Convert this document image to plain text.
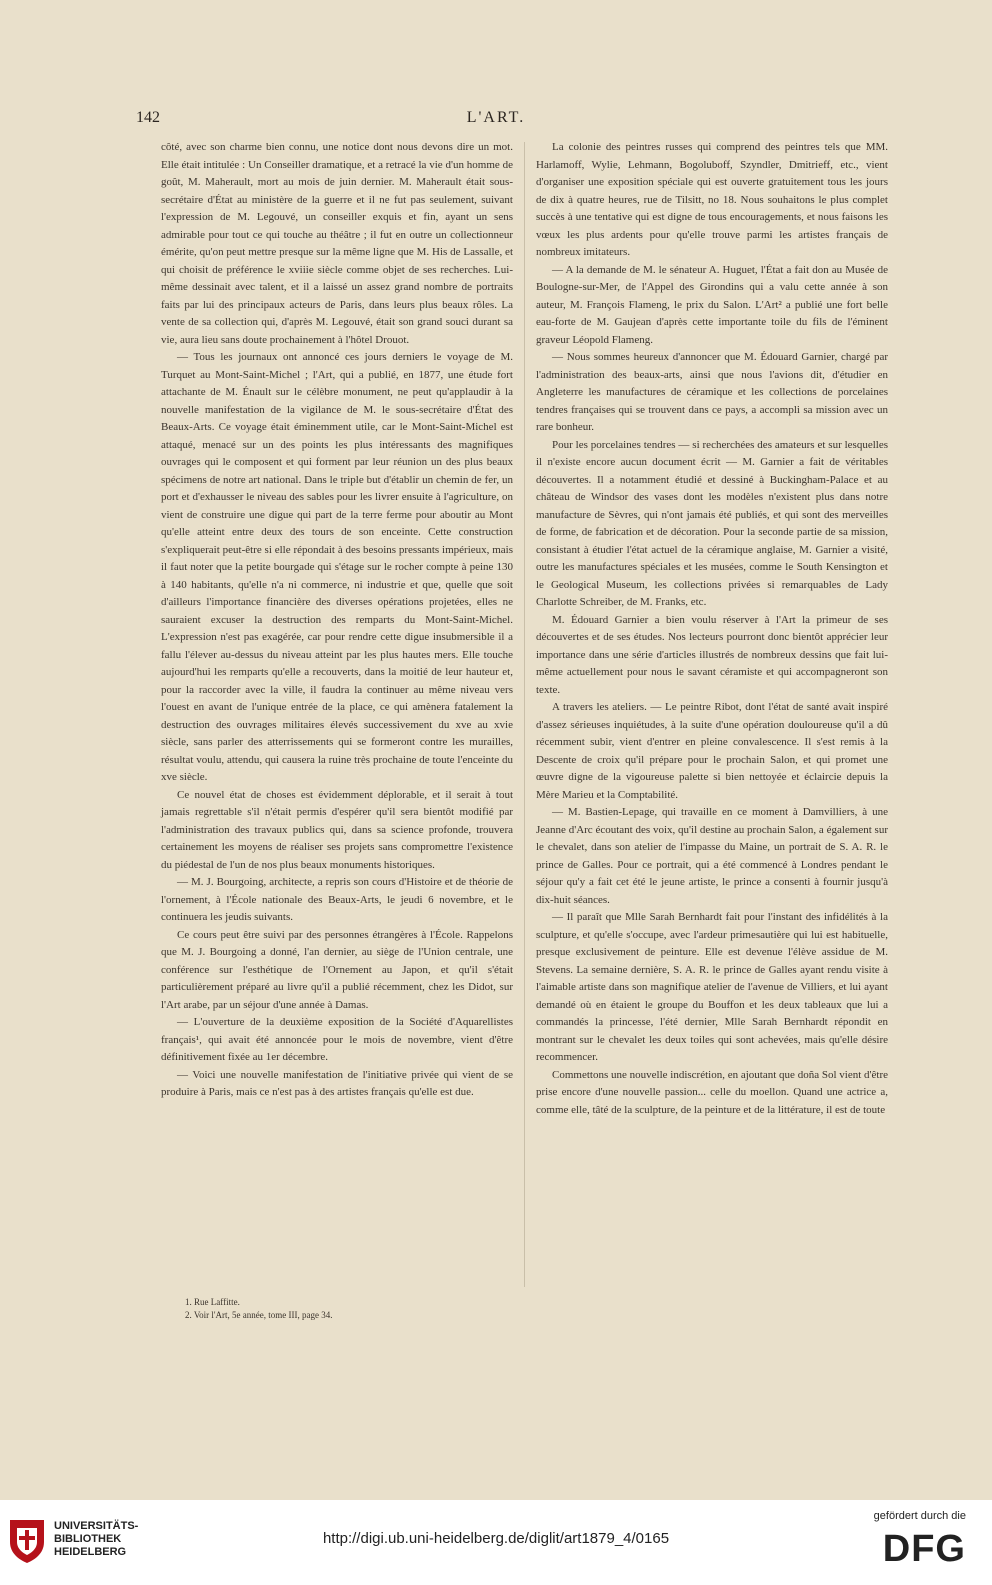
142	L'ART.

côté, avec son charme bien connu, une notice dont nous devons dire un mot. Elle était intitulée : Un Conseiller dramatique, et a retracé la vie d'un homme de goût, M. Maherault, mort au mois de juin dernier. M. Maherault était sous-secrétaire d'État au ministère de la guerre et il ne fut pas seulement, suivant l'expression de M. Legouvé, un conseiller exquis et fin, ayant un sens admirable pour tout ce qui touche au théâtre ; il fut en outre un collectionneur émérite, qu'on peut mettre presque sur la même ligne que M. His de Lassalle, et qui choisit de préférence le xviiie siècle comme objet de ses recherches. Lui-même dessinait avec talent, et il a laissé un assez grand nombre de portraits faits par lui des principaux acteurs de Paris, dans leurs plus beaux rôles. La vente de sa collection qui, d'après M. Legouvé, était son grand souci durant sa vie, aura lieu sans doute prochainement à l'hôtel Drouot.

— Tous les journaux ont annoncé ces jours derniers le voyage de M. Turquet au Mont-Saint-Michel ; l'Art, qui a publié, en 1877, une étude fort attachante de M. Énault sur le célèbre monument, ne peut qu'applaudir à la nouvelle manifestation de la vigilance de M. le sous-secrétaire d'État des Beaux-Arts. Ce voyage était éminemment utile, car le Mont-Saint-Michel est attaqué, menacé sur un des points les plus intéressants des magnifiques ouvrages qui le composent et qui forment par leur réunion un des plus beaux spécimens de notre art national. Dans le triple but d'établir un chemin de fer, un port et d'exhausser le niveau des sables pour les livrer ensuite à l'agriculture, on vient de construire une digue qui part de la terre ferme pour aboutir au Mont qu'elle atteint entre deux des tours de son enceinte. Cette construction s'expliquerait peut-être si elle répondait à des besoins pressants impérieux, mais il faut noter que la petite bourgade qui s'étage sur le rocher compte à peine 130 à 140 habitants, qu'elle n'a ni commerce, ni industrie et que, quelle que soit d'ailleurs l'importance financière des diverses opérations projetées, elles ne sauraient excuser la destruction des remparts du Mont-Saint-Michel. L'expression n'est pas exagérée, car pour rendre cette digue insubmersible il a fallu l'élever au-dessus du niveau atteint par les plus hautes mers. Elle touche aujourd'hui les remparts qu'elle a recouverts, dans la moitié de leur hauteur et, pour la raccorder avec la ville, il faudra la continuer au même niveau vers l'ouest en avant de l'unique entrée de la place, ce qui amènera fatalement la destruction des ouvrages militaires élevés successivement du xve au xvie siècle, sans parler des atterrissements qui se formeront contre les murailles, résultat voulu, attendu, qui causera la ruine très prochaine de toute l'enceinte du xve siècle.

Ce nouvel état de choses est évidemment déplorable, et il serait à tout jamais regrettable s'il n'était permis d'espérer qu'il sera bientôt modifié par l'administration des travaux publics qui, dans sa science profonde, trouvera certainement les moyens de réaliser ses projets sans compromettre l'existence du piédestal de l'un de nos plus beaux monuments historiques.

— M. J. Bourgoing, architecte, a repris son cours d'Histoire et de théorie de l'ornement, à l'École nationale des Beaux-Arts, le jeudi 6 novembre, et le continuera les jeudis suivants.

Ce cours peut être suivi par des personnes étrangères à l'École. Rappelons que M. J. Bourgoing a donné, l'an dernier, au siège de l'Union centrale, une conférence sur l'esthétique de l'Ornement au Japon, et qu'il s'était particulièrement préparé au livre qu'il a publié récemment, chez les Didot, sur l'Art arabe, par un séjour d'une année à Damas.

— L'ouverture de la deuxième exposition de la Société d'Aquarellistes français¹, qui avait été annoncée pour le mois de novembre, vient d'être définitivement fixée au 1er décembre.

— Voici une nouvelle manifestation de l'initiative privée qui vient de se produire à Paris, mais ce n'est pas à des artistes français qu'elle est due.

La colonie des peintres russes qui comprend des peintres tels que MM. Harlamoff, Wylie, Lehmann, Bogoluboff, Szyndler, Dmitrieff, etc., vient d'organiser une exposition spéciale qui est ouverte gratuitement tous les jours de dix à quatre heures, rue de Tilsitt, no 18. Nous souhaitons le plus complet succès à une tentative qui est digne de tous encouragements, et nous faisons les vœux les plus ardents pour qu'elle trouve parmi les artistes français de nombreux imitateurs.

— A la demande de M. le sénateur A. Huguet, l'État a fait don au Musée de Boulogne-sur-Mer, de l'Appel des Girondins qui a valu cette année à son auteur, M. François Flameng, le prix du Salon. L'Art² a publié une fort belle eau-forte de M. Gaujean d'après cette importante toile du fils de l'éminent graveur Léopold Flameng.

— Nous sommes heureux d'annoncer que M. Édouard Garnier, chargé par l'administration des beaux-arts, ainsi que nous l'avions dit, d'étudier en Angleterre les manufactures de céramique et les collections de porcelaines tendres françaises qui se trouvent dans ce pays, a accompli sa mission avec un rare bonheur.

Pour les porcelaines tendres — si recherchées des amateurs et sur lesquelles il n'existe encore aucun document écrit — M. Garnier a fait de véritables découvertes. Il a notamment étudié et dessiné à Buckingham-Palace et au château de Windsor des vases dont les modèles n'existent plus dans notre manufacture de Sèvres, qui n'ont jamais été publiés, et qui sont des merveilles de forme, de fabrication et de décoration. Pour la seconde partie de sa mission, consistant à étudier l'état actuel de la céramique anglaise, M. Garnier a visité, outre les manufactures spéciales et les musées, comme le South Kensington et le Geological Museum, les collections privées si remarquables de Lady Charlotte Schreiber, de M. Franks, etc.

M. Édouard Garnier a bien voulu réserver à l'Art la primeur de ses découvertes et de ses études. Nos lecteurs pourront donc bientôt apprécier leur importance dans une série d'articles illustrés de nombreux dessins que fait lui-même actuellement pour nous le savant céramiste et qui accompagneront son texte.

A travers les ateliers. — Le peintre Ribot, dont l'état de santé avait inspiré d'assez sérieuses inquiétudes, à la suite d'une opération douloureuse qu'il a dû récemment subir, vient d'entrer en pleine convalescence. Il s'est remis à la Descente de croix qu'il prépare pour le prochain Salon, et qui promet une œuvre digne de la vigoureuse palette si bien nettoyée et éclaircie depuis la Mère Marieu et la Comptabilité.

— M. Bastien-Lepage, qui travaille en ce moment à Damvilliers, à une Jeanne d'Arc écoutant des voix, qu'il destine au prochain Salon, a également sur le chevalet, dans son atelier de l'impasse du Maine, un portrait de S. A. R. le prince de Galles. Pour ce portrait, qui a été commencé à Londres pendant le séjour qu'y a fait cet été le jeune artiste, le prince a consenti à fournir jusqu'à dix-huit séances.

— Il paraît que Mlle Sarah Bernhardt fait pour l'instant des infidélités à la sculpture, et qu'elle s'occupe, avec l'ardeur primesautière qui lui est habituelle, presque exclusivement de peinture. Elle est devenue l'élève assidue de M. Stevens. La semaine dernière, S. A. R. le prince de Galles ayant rendu visite à l'aimable artiste dans son magnifique atelier de l'avenue de Villiers, et lui ayant demandé où en étaient le groupe du Bouffon et les deux tableaux que lui a commandés la princesse, l'été dernier, Mlle Sarah Bernhardt répondit en montrant sur le chevalet les deux toiles qui sont achevées, mais qu'elle désire recommencer.

Commettons une nouvelle indiscrétion, en ajoutant que doña Sol vient d'être prise encore d'une nouvelle passion... celle du moellon. Quand une actrice a, comme elle, tâté de la sculpture, de la peinture et de la littérature, il est de toute

1. Rue Laffitte.
2. Voir l'Art, 5e année, tome III, page 34.
UNIVERSITÄTS-
BIBLIOTHEK
HEIDELBERG
http://digi.ub.uni-heidelberg.de/diglit/art1879_4/0165
gefördert durch die
DFG
